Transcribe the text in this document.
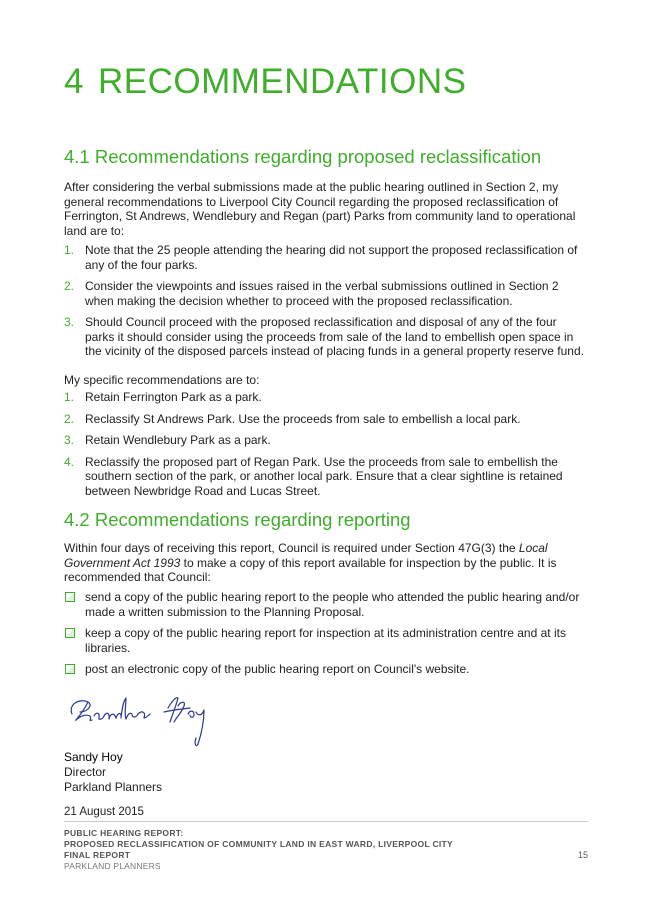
4 RECOMMENDATIONS
4.1 Recommendations regarding proposed reclassification

After considering the verbal submissions made at the public hearing outlined in Section 2, my general recommendations to Liverpool City Council regarding the proposed reclassification of Ferrington, St Andrews, Wendlebury and Regan (part) Parks from community land to operational land are to:

1. Note that the 25 people attending the hearing did not support the proposed reclassification of any of the four parks.
2. Consider the viewpoints and issues raised in the verbal submissions outlined in Section 2 when making the decision whether to proceed with the proposed reclassification.
3. Should Council proceed with the proposed reclassification and disposal of any of the four parks it should consider using the proceeds from sale of the land to embellish open space in the vicinity of the disposed parcels instead of placing funds in a general property reserve fund.

My specific recommendations are to:

1. Retain Ferrington Park as a park.
2. Reclassify St Andrews Park. Use the proceeds from sale to embellish a local park.
3. Retain Wendlebury Park as a park.
4. Reclassify the proposed part of Regan Park. Use the proceeds from sale to embellish the southern section of the park, or another local park. Ensure that a clear sightline is retained between Newbridge Road and Lucas Street.
4.2 Recommendations regarding reporting

Within four days of receiving this report, Council is required under Section 47G(3) the Local Government Act 1993 to make a copy of this report available for inspection by the public. It is recommended that Council:

send a copy of the public hearing report to the people who attended the public hearing and/or made a written submission to the Planning Proposal.
keep a copy of the public hearing report for inspection at its administration centre and at its libraries.
post an electronic copy of the public hearing report on Council's website.

Sandy Hoy

Director
Parkland Planners

21 August 2015

PUBLIC HEARING REPORT:
PROPOSED RECLASSIFICATION OF COMMUNITY LAND IN EAST WARD, LIVERPOOL CITY
FINAL REPORT
PARKLAND PLANNERS
15
